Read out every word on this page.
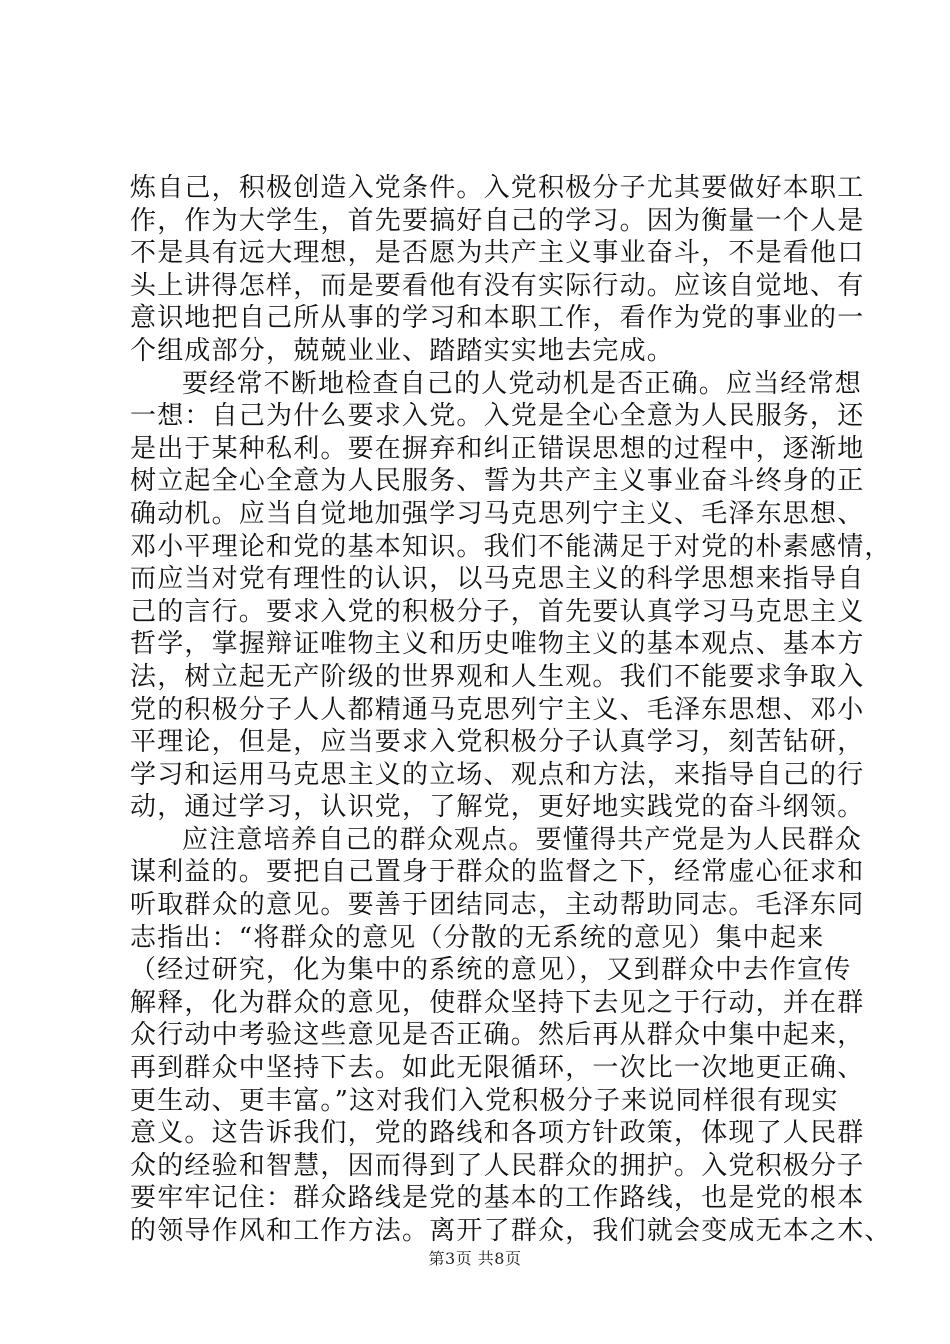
炼自己，积极创造入党条件。入党积极分子尤其要做好本职工
作，作为大学生，首先要搞好自己的学习。因为衡量一个人是
不是具有远大理想，是否愿为共产主义事业奋斗，不是看他口
头上讲得怎样，而是要看他有没有实际行动。应该自觉地、有
意识地把自己所从事的学习和本职工作，看作为党的事业的一
个组成部分，兢兢业业、踏踏实实地去完成。
要经常不断地检查自己的人党动机是否正确。应当经常想
一想：自己为什么要求入党。入党是全心全意为人民服务，还
是出于某种私利。要在摒弃和纠正错误思想的过程中，逐渐地
树立起全心全意为人民服务、誓为共产主义事业奋斗终身的正
确动机。应当自觉地加强学习马克思列宁主义、毛泽东思想、
邓小平理论和党的基本知识。我们不能满足于对党的朴素感情，
而应当对党有理性的认识，以马克思主义的科学思想来指导自
己的言行。要求入党的积极分子，首先要认真学习马克思主义
哲学，掌握辩证唯物主义和历史唯物主义的基本观点、基本方
法，树立起无产阶级的世界观和人生观。我们不能要求争取入
党的积极分子人人都精通马克思列宁主义、毛泽东思想、邓小
平理论，但是，应当要求入党积极分子认真学习，刻苦钻研，
学习和运用马克思主义的立场、观点和方法，来指导自己的行
动，通过学习，认识党，了解党，更好地实践党的奋斗纲领。
应注意培养自己的群众观点。要懂得共产党是为人民群众
谋利益的。要把自己置身于群众的监督之下，经常虚心征求和
听取群众的意见。要善于团结同志，主动帮助同志。毛泽东同
志指出：“将群众的意见（分散的无系统的意见）集中起来
（经过研究，化为集中的系统的意见），又到群众中去作宣传
解释，化为群众的意见，使群众坚持下去见之于行动，并在群
众行动中考验这些意见是否正确。然后再从群众中集中起来，
再到群众中坚持下去。如此无限循环，一次比一次地更正确、
更生动、更丰富。”这对我们入党积极分子来说同样很有现实
意义。这告诉我们，党的路线和各项方针政策，体现了人民群
众的经验和智慧，因而得到了人民群众的拥护。入党积极分子
要牢牢记住：群众路线是党的基本的工作路线，也是党的根本
的领导作风和工作方法。离开了群众，我们就会变成无本之木、
第3页 共8页
